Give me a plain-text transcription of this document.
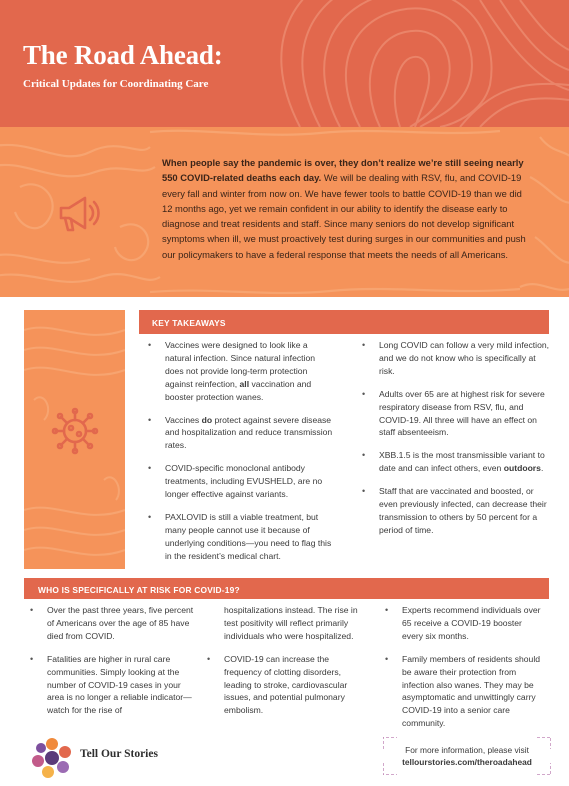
The Road Ahead:
Critical Updates for Coordinating Care
When people say the pandemic is over, they don’t realize we’re still seeing nearly 550 COVID-related deaths each day. We will be dealing with RSV, flu, and COVID-19 every fall and winter from now on. We have fewer tools to battle COVID-19 than we did 12 months ago, yet we remain confident in our ability to identify the disease early to diagnose and treat residents and staff. Since many seniors do not develop significant symptoms when ill, we must proactively test during surges in our communities and push our policymakers to have a federal response that meets the needs of all Americans.
KEY TAKEAWAYS
• Vaccines were designed to look like a natural infection. Since natural infection does not provide long-term protection against reinfection, all vaccination and booster protection wanes.
• Vaccines do protect against severe disease and hospitalization and reduce transmission rates.
• COVID-specific monoclonal antibody treatments, including EVUSHELD, are no longer effective against variants.
• PAXLOVID is still a viable treatment, but many people cannot use it because of underlying conditions—you need to flag this in the resident’s medical chart.
• Long COVID can follow a very mild infection, and we do not know who is specifically at risk.
• Adults over 65 are at highest risk for severe respiratory disease from RSV, flu, and COVID-19. All three will have an effect on staff absenteeism.
• XBB.1.5 is the most transmissible variant to date and can infect others, even outdoors.
• Staff that are vaccinated and boosted, or even previously infected, can decrease their transmission to others by 50 percent for a period of time.
WHO IS SPECIFICALLY AT RISK FOR COVID-19?
• Over the past three years, five percent of Americans over the age of 85 have died from COVID.
• Fatalities are higher in rural care communities. Simply looking at the number of COVID-19 cases in your area is no longer a reliable indicator—watch for the rise of
hospitalizations instead. The rise in test positivity will reflect primarily individuals who were hospitalized.
• COVID-19 can increase the frequency of clotting disorders, leading to stroke, cardiovascular issues, and potential pulmonary embolism.
• Experts recommend individuals over 65 receive a COVID-19 booster every six months.
• Family members of residents should be aware their protection from infection also wanes. They may be asymptomatic and unwittingly carry COVID-19 into a senior care community.
Tell Our Stories	For more information, please visit
tellourstories.com/theroadahead
